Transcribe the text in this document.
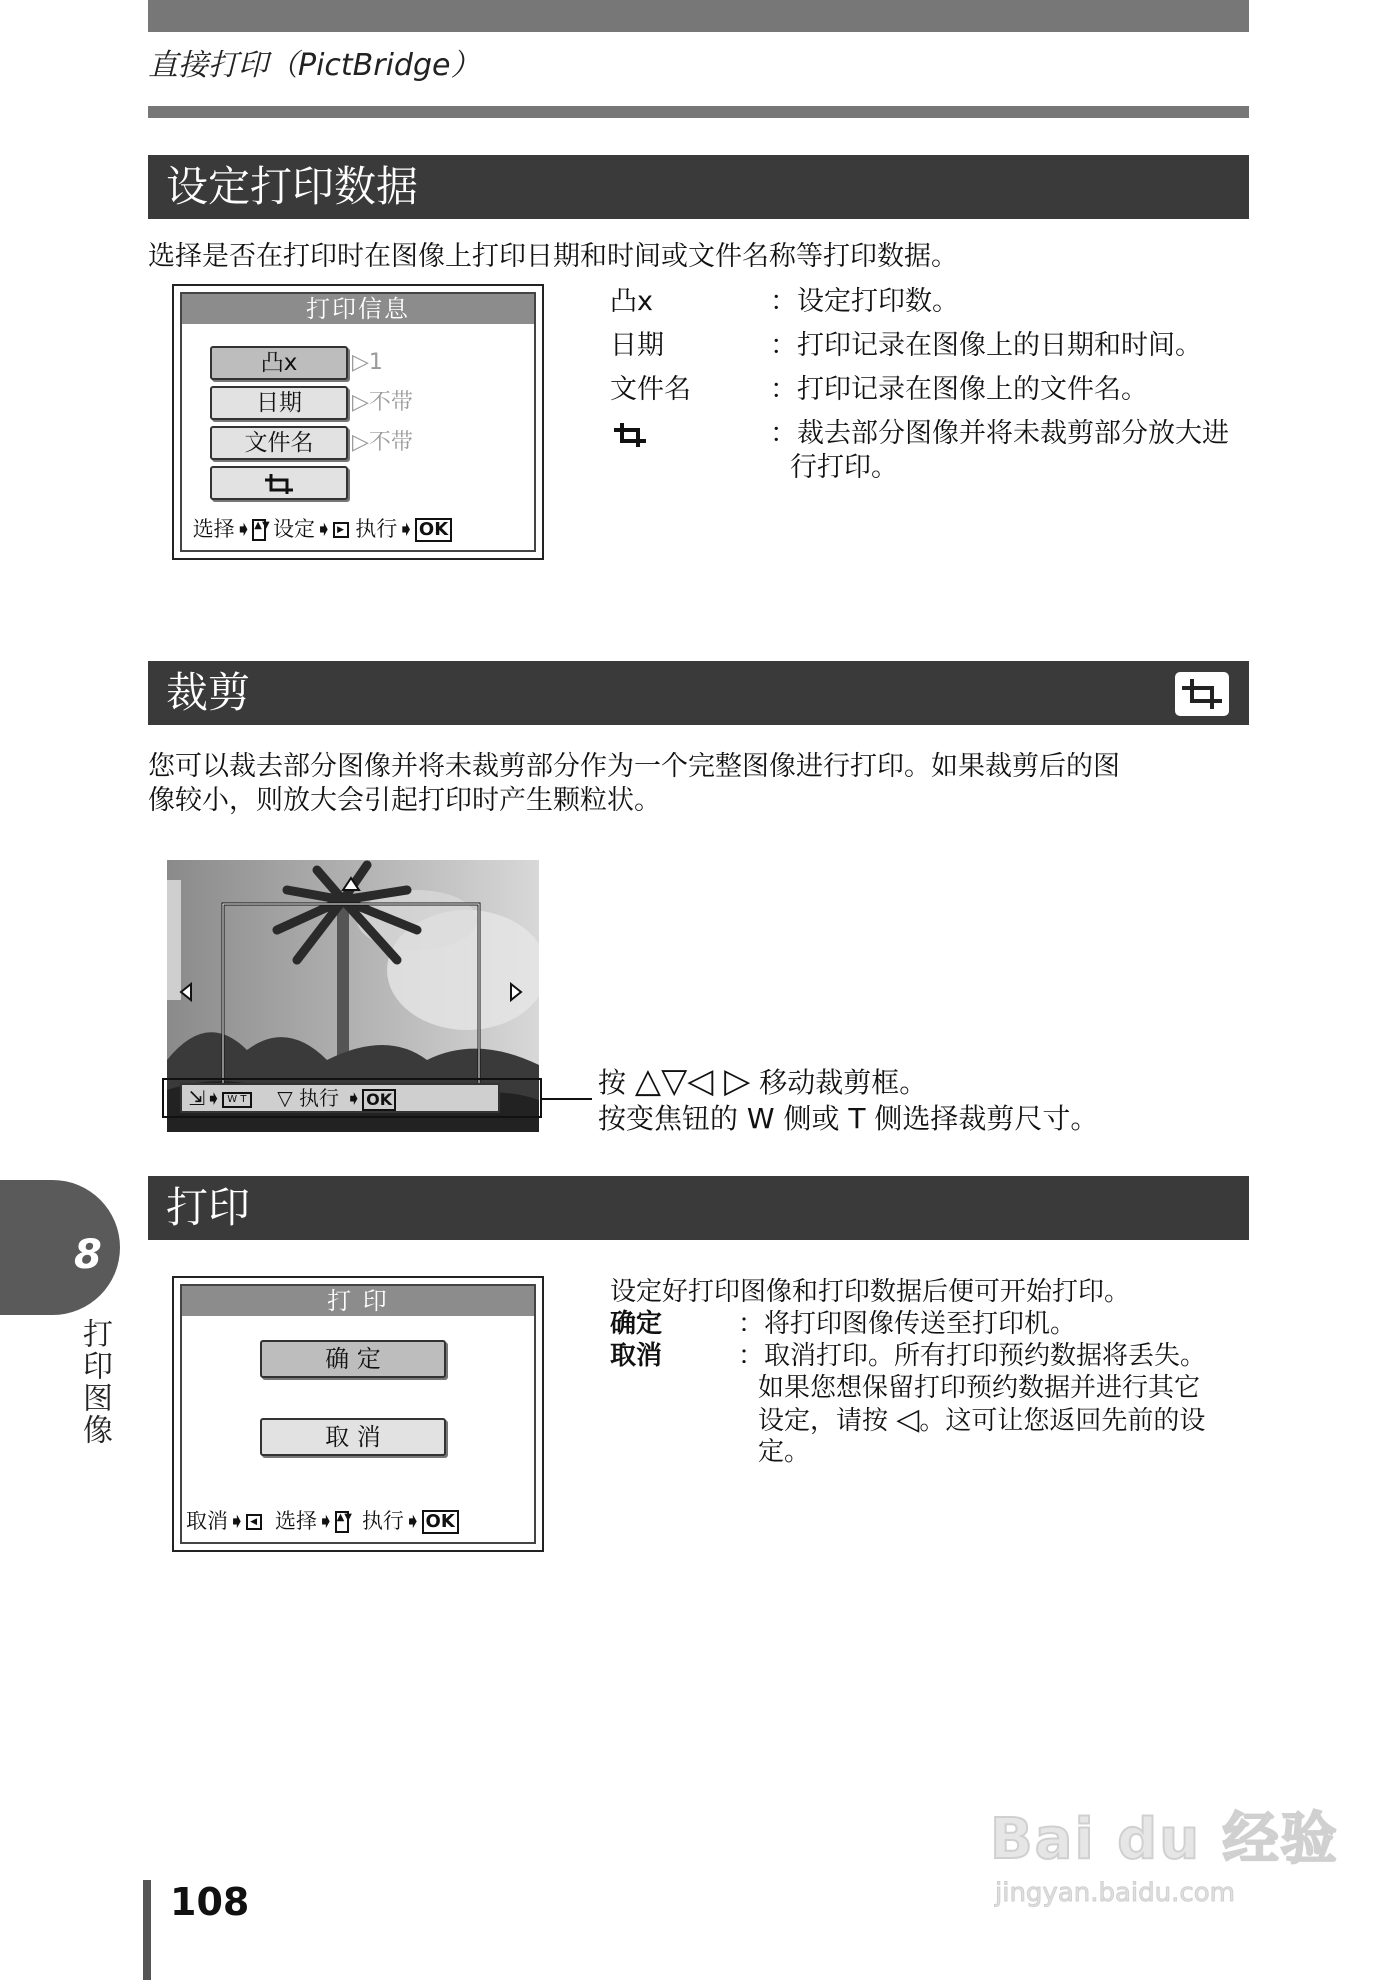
直接打印（PictBridge）
设定打印数据
选择是否在打印时在图像上打印日期和时间或文件名称等打印数据。
打印信息
凸x	▷1
日期	▷不带
文件名	▷不带
选择➧ ▲▼ 设定➧ ▶ 执行➧ OK
凸x	：设定打印数。
日期	：打印记录在图像上的日期和时间。
文件名	：打印记录在图像上的文件名。
：裁去部分图像并将未裁剪部分放大进
行打印。
裁剪
您可以裁去部分图像并将未裁剪部分作为一个完整图像进行打印。如果裁剪后的图
像较小，则放大会引起打印时产生颗粒状。
⇲➧ W T    ▽ 执行 ➧ OK	按 △▽◁ ▷ 移动裁剪框。
按变焦钮的 W 侧或 T 侧选择裁剪尺寸。
打印
打 印
确 定
取 消
取消➧ ◀ 选择➧ ▲▼ 执行➧ OK
设定好打印图像和打印数据后便可开始打印。
确定	：将打印图像传送至打印机。
取消	：取消打印。所有打印预约数据将丢失。
如果您想保留打印预约数据并进行其它
设定，请按 ◁。这可让您返回先前的设
定。
8
打印图像
108
Bai du 经验
jingyan.baidu.com
